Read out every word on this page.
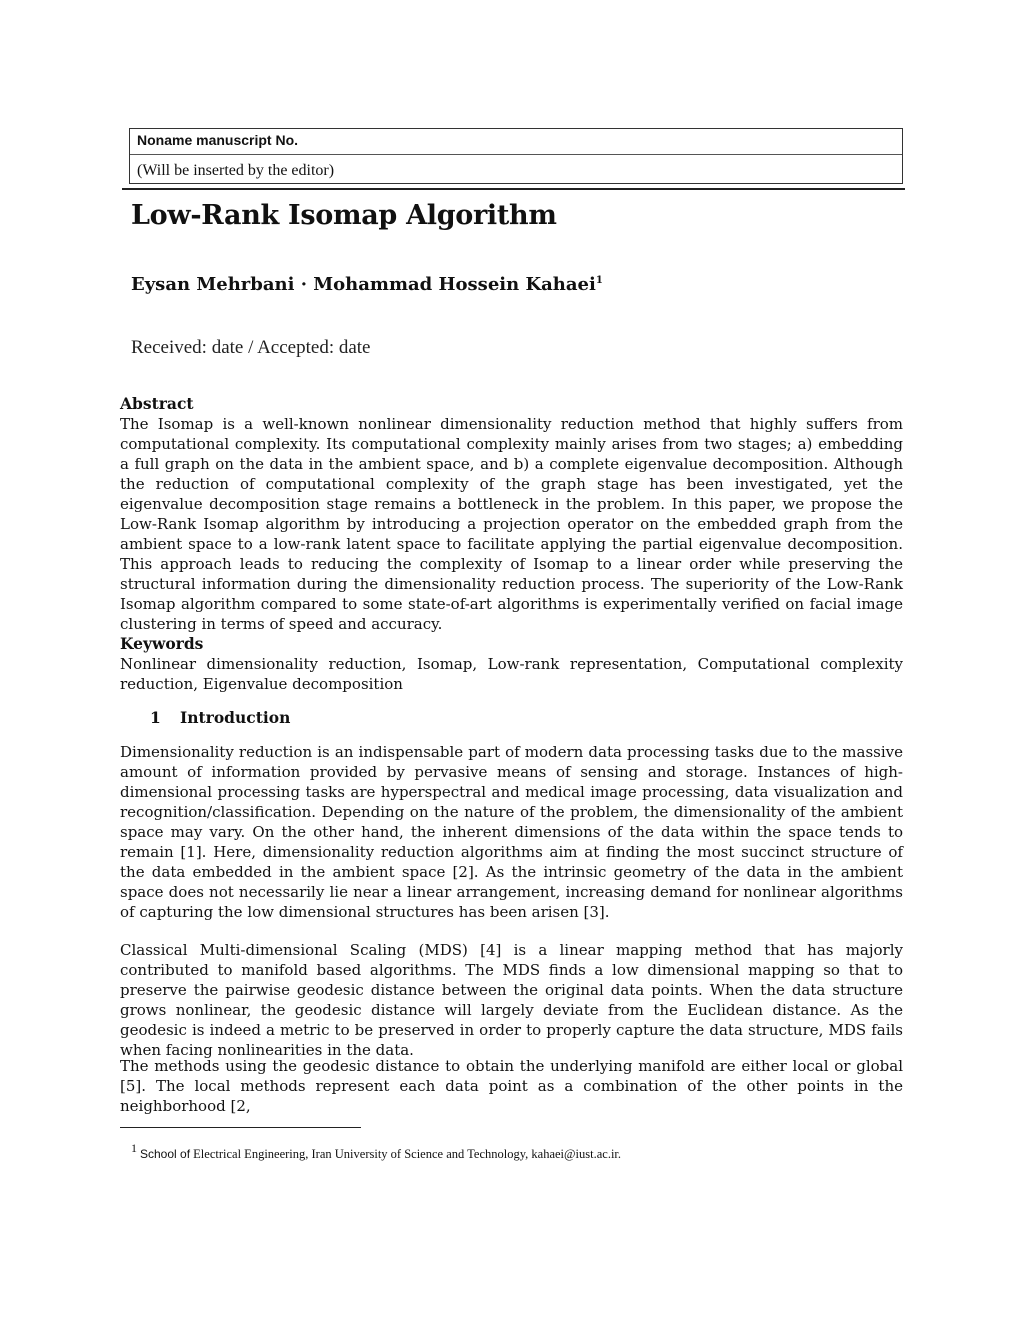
Noname manuscript No.
(Will be inserted by the editor)
Low-Rank Isomap Algorithm

Eysan Mehrbani · Mohammad Hossein Kahaei$^1$

Received: date / Accepted: date

Abstract

The Isomap is a well-known nonlinear dimensionality reduction method that highly suffers from computational complexity. Its computational complexity mainly arises from two stages; a) embedding a full graph on the data in the ambient space, and b) a complete eigenvalue decomposition. Although the reduction of computational complexity of the graph stage has been investigated, yet the eigenvalue decomposition stage remains a bottleneck in the problem. In this paper, we propose the Low-Rank Isomap algorithm by introducing a projection operator on the embedded graph from the ambient space to a low-rank latent space to facilitate applying the partial eigenvalue decomposition. This approach leads to reducing the complexity of Isomap to a linear order while preserving the structural information during the dimensionality reduction process. The superiority of the Low-Rank Isomap algorithm compared to some state-of-art algorithms is experimentally verified on facial image clustering in terms of speed and accuracy.

Keywords

Nonlinear dimensionality reduction, Isomap, Low-rank representation, Computational complexity reduction, Eigenvalue decomposition

1 Introduction

Dimensionality reduction is an indispensable part of modern data processing tasks due to the massive amount of information provided by pervasive means of sensing and storage. Instances of high-dimensional processing tasks are hyperspectral and medical image processing, data visualization and recognition/classification. Depending on the nature of the problem, the dimensionality of the ambient space may vary. On the other hand, the inherent dimensions of the data within the space tends to remain [1]. Here, dimensionality reduction algorithms aim at finding the most succinct structure of the data embedded in the ambient space [2]. As the intrinsic geometry of the data in the ambient space does not necessarily lie near a linear arrangement, increasing demand for nonlinear algorithms of capturing the low dimensional structures has been arisen [3].

Classical Multi-dimensional Scaling (MDS) [4] is a linear mapping method that has majorly contributed to manifold based algorithms. The MDS finds a low dimensional mapping so that to preserve the pairwise geodesic distance between the original data points. When the data structure grows nonlinear, the geodesic distance will largely deviate from the Euclidean distance. As the geodesic is indeed a metric to be preserved in order to properly capture the data structure, MDS fails when facing nonlinearities in the data.

The methods using the geodesic distance to obtain the underlying manifold are either local or global [5]. The local methods represent each data point as a combination of the other points in the neighborhood [2,

1 School of Electrical Engineering, Iran University of Science and Technology, kahaei@iust.ac.ir.
